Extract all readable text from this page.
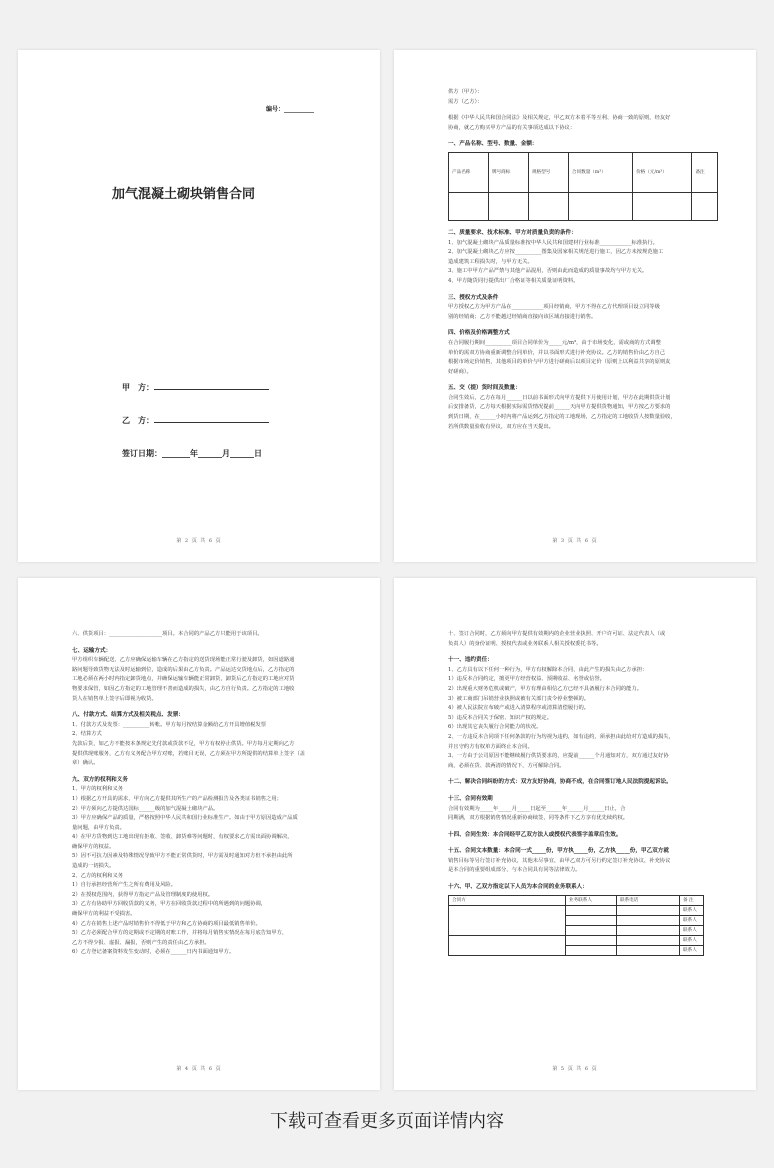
编号：__________
加气混凝土砌块销售合同
甲　方：
乙　方：
签订日期：_______年______月______日
第 2 页 共 6 页
供方（甲方）：
需方（乙方）：
根据《中华人民共和国合同法》及相关规定，甲乙双方本着平等互利、协商一致的原则，经友好
协商，就乙方购买甲方产品的有关事项达成以下协议：
一、产品名称、型号、数量、金额：
产品名称	牌号商标	规格型号	合同数量（m³）	价格（元/m³）	备注

二、质量要求、技术标准、甲方对质量负责的条件：
1、加气混凝土砌块产品质量标准按中华人民共和国建材行业标准____________标准执行。
2、加气混凝土砌块乙方应按__________图集及国家相关规范进行施工，因乙方未按规范施工
造成建筑工程损失时，与甲方无关。
3、施工中甲方产品严禁与其他产品混用，否则由此而造成的质量事故均与甲方无关。
4、甲方随货同行提供出厂合格证等相关质量证明资料。
三、授权方式及条件
甲方授权乙方为甲方产品在____________项目经销商，甲方不得在乙方代理项目设立同等级
别的经销商；乙方不能越过经销商直接向该区域直接进行销售。
四、价格及价格调整方式
在合同履行期间__________项目合同单价为_____元/m³，由于市场变化，需或商的方式调整
单价的需双方协商重新调整合同单价，并以书面形式进行补充协议。乙方的销售价由乙方自己
根据市场定价销售，其他项目的单价与甲方进行磋商后以项目定价（原则上以利益共享的原则友
好磋商）。
五、交（提）货时间及数量：
合同生效后，乙方在每月______日以前书面形式向甲方提供下月使用计划，甲方在此期供货计划
后安排备货，乙方每天根据实际需货情况提前______天向甲方提供货物通知，甲方按乙方要求的
到货日期，在______小时内将产品运到乙方指定的工地现场，乙方指定的工地收货人按数量验收，
若所供数量验收有异议，双方应在当天提出。
第 3 页 共 6 页
六、供货项目：____________________项目。本合同的产品乙方只能用于该项目。
七、运输方式：
甲方组织车辆配送，乙方应确保运输车辆在乙方指定的送货现场能正常行驶及卸货，如因道路通
路问题导致货物无法及时运输到位，造成的后果由乙方负责。产品运达交货地点后，乙方指定的
工地必须在两小时内指定卸货地点，并确保运输车辆能正常卸货，卸货后乙方指定的工地应对货
物要求保管，如因乙方指定的工地管理不善而造成的损失，由乙方自行负责。乙方指定的工地收
货人在销售单上签字后即视为收货。
八、付款方式、结算方式及相关税点、发票：
1、付款方式及发票：__________转帐。甲方每月按结算金额给乙方开具增值税发票
2、结算方式
先款后货，如乙方不能按本条规定先付款或货款不足，甲方有权停止供货。甲方每月定期向乙方
提供供现账服务，乙方有义务配合甲方对账，若账目无误，乙方须在甲方所提供的结算单上签字（盖
章）确认。
九、双方的权利和义务
1、甲方的权利和义务
1）根据乙方开具的需求，甲方向乙方提供其所生产的产品检测报告及各类证书销售之用；
2）甲方须向乙方提供达国标______级的加气混凝土砌块产品。
3）甲方应确保产品的质量，严格按照中华人民共和国行业标准生产。如由于甲方原因造成产品质
量问题，由甲方负责。
4）在甲方货物到达工地出现有拒收、签收、卸货难等问题时，有权要求乙方需出面协调解决，
确保甲方的权益。
5）因不可抗力因素及特殊情况导致甲方不能正常供货时，甲方需及时通知对方但不承担由此所
造成的一切损失。
2、乙方的权利和义务
1）自行承担经营所产生之所有费用及风险。
2）在授权范围内，获得甲方指定产品及管理制度的使用权。
3）乙方有协助甲方回收货款的义务，甲方在回收货款过程中的所遇到的问题协调，
确保甲方的利益不受损害。
4）乙方在销售上述产品时销售价不得低于甲方和乙方协商的项目最低销售单价。
5）乙方必须配合甲方的定期或不定期的对账工作，并将每月销售实情况在每月底告知甲方，
乙方不得少报、虚报、漏报，否则产生的责任由乙方承担。
6）乙方登记备案资料发生变动时，必须在______日内书面通知甲方。
第 4 页 共 6 页
十、签订合同时，乙方须向甲方提供有效期内的企业营业执照、开户许可证、法定代表人（或
负责人）的身份证明、授权代表或业务联系人相关授权委托书等。
十一、违约责任：
1、乙方具有以下任何一种行为，甲方有权解除本合同，由此产生的损失由乙方承担：
1）违反本合同约定，擅更甲方经营权益、预期收益、名誉或信誉。
2）出现重大财务危机或破产，甲方有理由相信乙方已经不具备履行本合同的能力。
3）被工商部门吊销营业执照或被有关部门责令停业整顿的。
4）被人民法院宣布破产或进入清算程序或清算清偿履行的。
5）违反本合同关于保密、知识产权的规定。
6）出现其它丧失履行合同能力的状况。
2、一方违反本合同项下任何条款的行为均视为违约，如有违约，须承担由此给对方造成的损失，
并且守约方有权单方面终止本合同。
3、一方由于公司原因不能继续履行供货要求的，应提前______个月通知对方，双方通过友好协
商，必须在货、款两清的情况下，方可解除合同。
十二、解决合同纠纷的方式：双方友好协商，协商不成，在合同签订地人民法院提起诉讼。
十三、合同有效期
合同有效期为_____年_____月_____日起至______年______月______日止，合
同期满，双方根据销售情况重新协商续签，同等条件下乙方享有优先续约权。
十四、合同生效：本合同经甲乙双方法人或授权代表签字盖章后生效。
十五、合同文本数量：本合同一式_____份，甲方执_____份，乙方执_____份，甲乙双方就
销售目标等另行签订补充协议，其他未尽事宜，由甲乙双方可另行约定签订补充协议，补充协议
是本合同的重要组成部分，与本合同具有同等法律效力。
十六、甲、乙双方指定以下人员为本合同的业务联系人：
合同方	业务联系人	联系电话	备 注
			联系人
			联系人
			联系人
			联系人
			联系人
第 5 页 共 6 页
下载可查看更多页面详情内容
